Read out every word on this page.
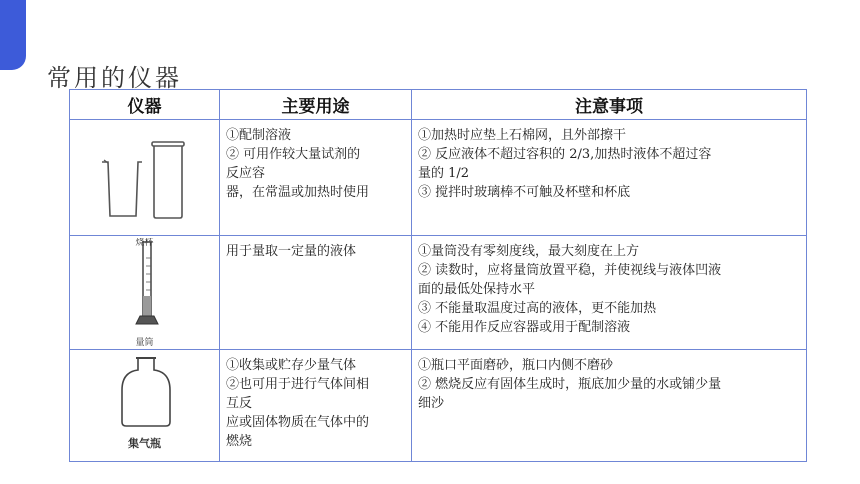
常用的仪器
仪器	主要用途	注意事项

烧杯	①配制溶液
② 可用作较大量试剂的
反应容
器，在常温或加热时使用	①加热时应垫上石棉网，且外部擦干
② 反应液体不超过容积的 2/3,加热时液体不超过容
量的 1/2
③ 搅拌时玻璃棒不可触及杯壁和杯底

量筒	用于量取一定量的液体	①量筒没有零刻度线，最大刻度在上方
② 读数时，应将量筒放置平稳，并使视线与液体凹液
面的最低处保持水平
③ 不能量取温度过高的液体，更不能加热
④ 不能用作反应容器或用于配制溶液

集气瓶	①收集或贮存少量气体
②也可用于进行气体间相
互反
应或固体物质在气体中的
燃烧	①瓶口平面磨砂，瓶口内侧不磨砂
② 燃烧反应有固体生成时，瓶底加少量的水或铺少量
细沙
